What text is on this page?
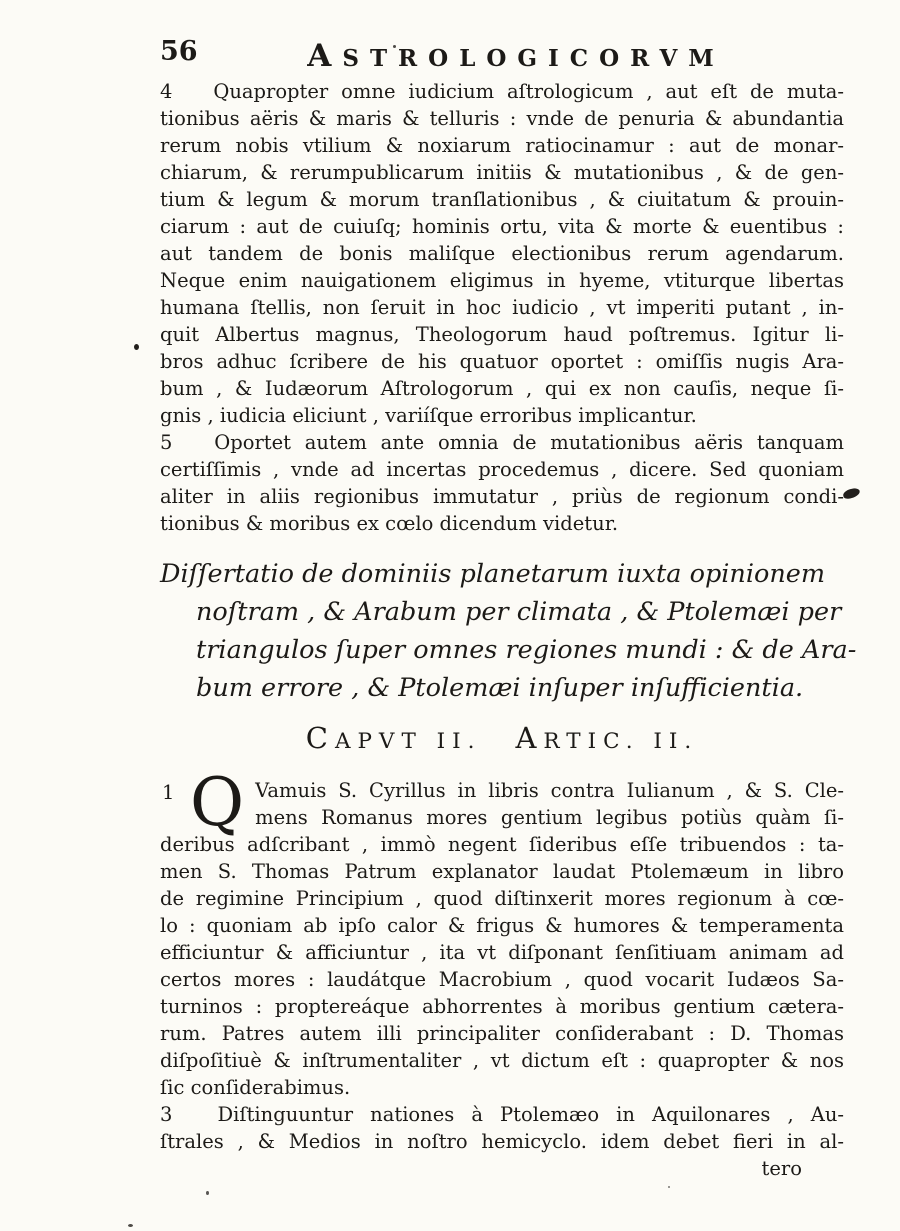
56	ASTROLOGICORVM
4 Quapropter omne iudicium aſtrologicum , aut eſt de muta-
tionibus aëris & maris & telluris : vnde de penuria & abundantia
rerum nobis vtilium & noxiarum ratiocinamur : aut de monar-
chiarum, & rerumpublicarum initiis & mutationibus , & de gen-
tium & legum & morum tranſlationibus , & ciuitatum & prouin-
ciarum : aut de cuiuſq; hominis ortu, vita & morte & euentibus :
aut tandem de bonis maliſque electionibus rerum agendarum.
Neque enim nauigationem eligimus in hyeme, vtiturque libertas
humana ſtellis, non ſeruit in hoc iudicio , vt imperiti putant , in-
quit Albertus magnus, Theologorum haud poſtremus. Igitur li-
bros adhuc ſcribere de his quatuor oportet : omiſſis nugis Ara-
bum , & Iudæorum Aſtrologorum , qui ex non cauſis, neque ſi-
gnis , iudicia eliciunt , variíſque erroribus implicantur.
5 Oportet autem ante omnia de mutationibus aëris tanquam
certiſſimis , vnde ad incertas procedemus , dicere. Sed quoniam
aliter in aliis regionibus immutatur , priùs de regionum condi-
tionibus & moribus ex cœlo dicendum videtur.
Diſſertatio de dominiis planetarum iuxta opinionem
noſtram , & Arabum per climata , & Ptolemæi per
triangulos ſuper omnes regiones mundi : & de Ara-
bum errore , & Ptolemæi inſuper inſufficientia.
CAPVT II. ARTIC. II.
1 Q Vamuis S. Cyrillus in libris contra Iulianum , & S. Cle-
mens Romanus mores gentium legibus potiùs quàm ſi-
deribus adſcribant , immò negent ſideribus eſſe tribuendos : ta-
men S. Thomas Patrum explanator laudat Ptolemæum in libro
de regimine Principium , quod diſtinxerit mores regionum à cœ-
lo : quoniam ab ipſo calor & frigus & humores & temperamenta
efficiuntur & afficiuntur , ita vt diſponant ſenſitiuam animam ad
certos mores : laudátque Macrobium , quod vocarit Iudæos Sa-
turninos : proptereáque abhorrentes à moribus gentium cætera-
rum. Patres autem illi principaliter conſiderabant : D. Thomas
diſpoſitiuè & inſtrumentaliter , vt dictum eſt : quapropter & nos
ſic conſiderabimus.
3 Diſtinguuntur nationes à Ptolemæo in Aquilonares , Au-
ſtrales , & Medios in noſtro hemicyclo. idem debet fieri in al-
tero
